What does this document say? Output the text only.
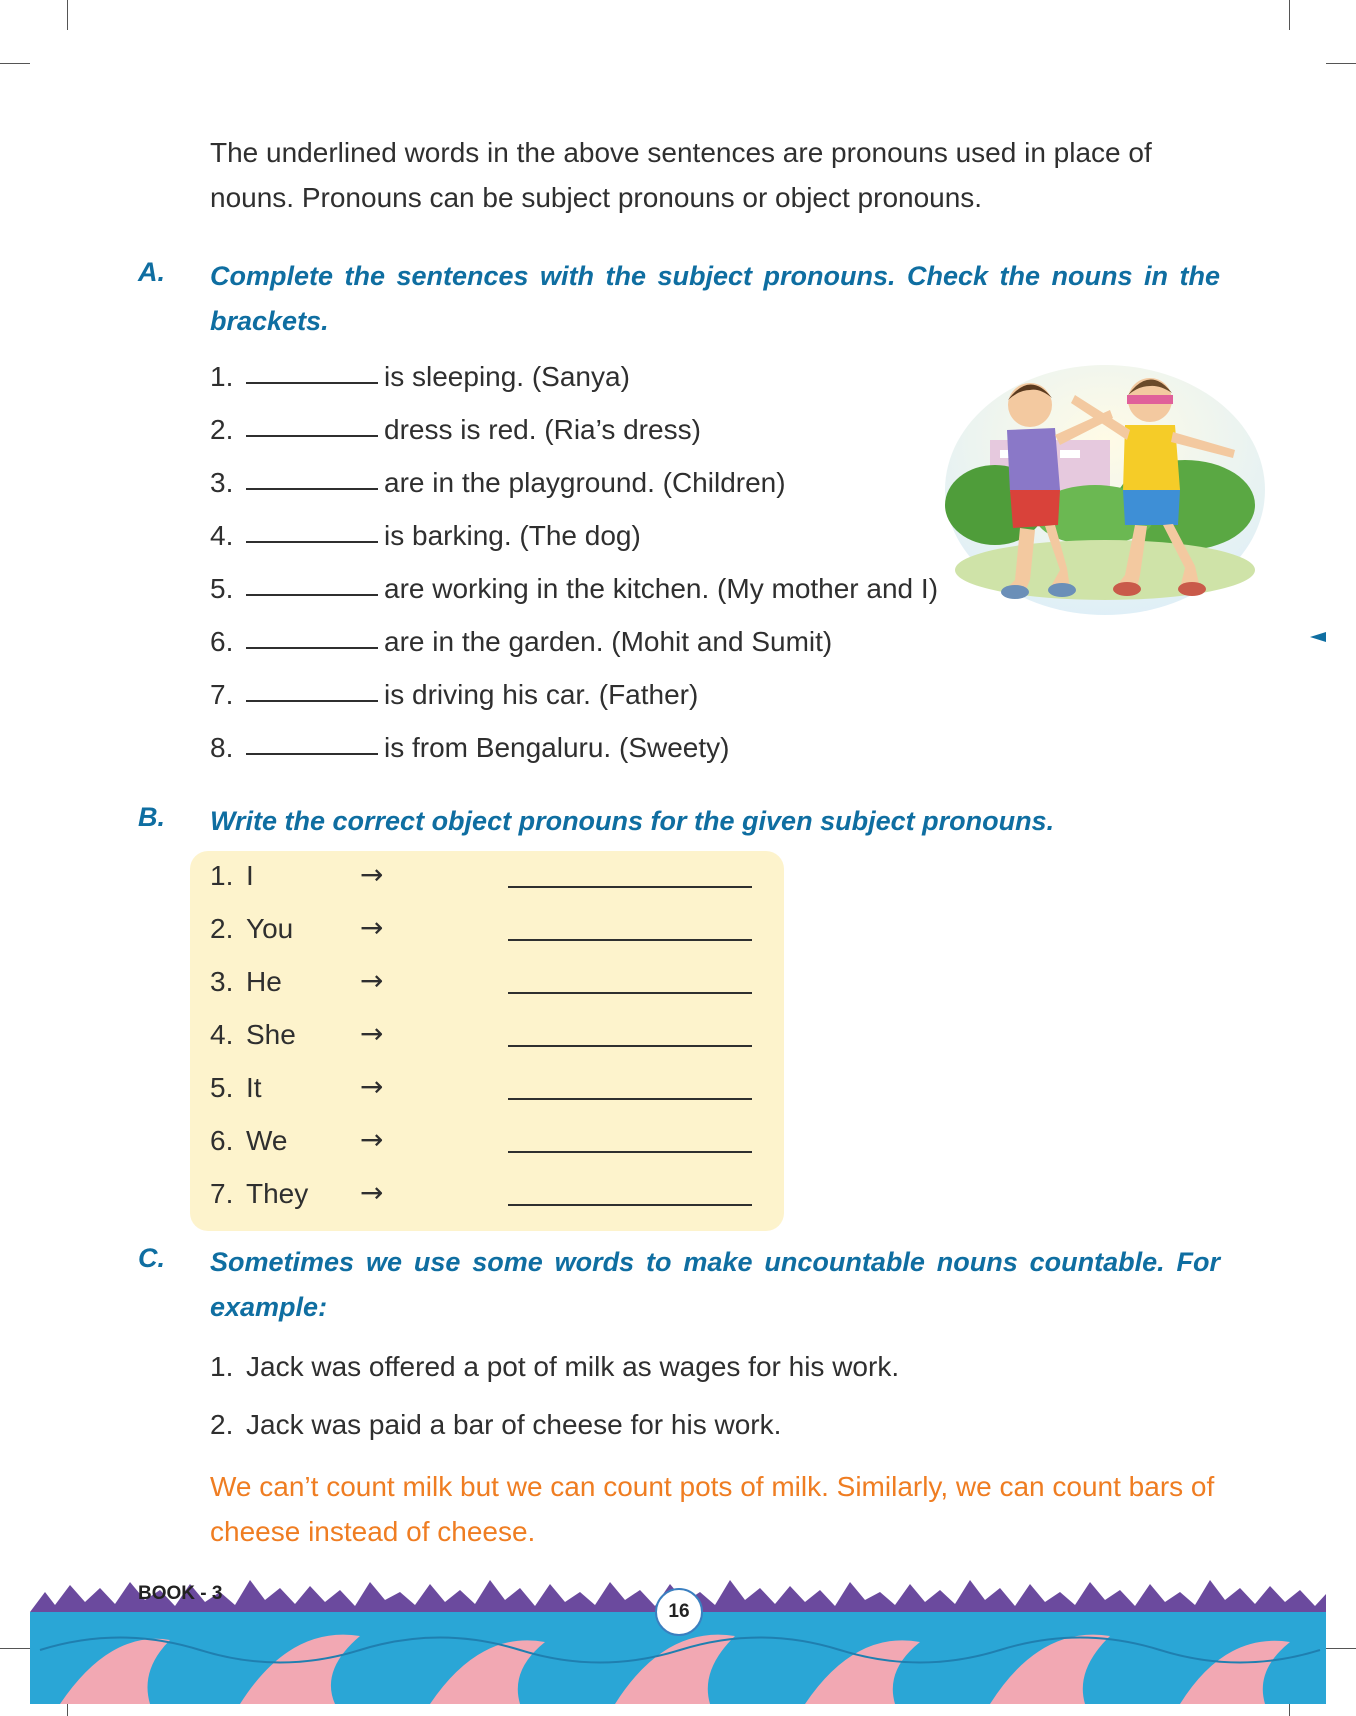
The underlined words in the above sentences are pronouns used in place of
nouns. Pronouns can be subject pronouns or object pronouns.
A. Complete the sentences with the subject pronouns. Check the nouns in the brackets.
1.	is sleeping. (Sanya)
2.	dress is red. (Ria’s dress)
3.	are in the playground. (Children)
4.	is barking. (The dog)
5.	are working in the kitchen. (My mother and I)
6.	are in the garden. (Mohit and Sumit)
7.	is driving his car. (Father)
8.	is from Bengaluru. (Sweety)
B. Write the correct object pronouns for the given subject pronouns.
1. I	→
2. You →
3. He	→
4. She →
5. It	→
6. We	→
7. They →
C. Sometimes we use some words to make uncountable nouns countable. For example:
1. Jack was offered a pot of milk as wages for his work.
2. Jack was paid a bar of cheese for his work.
We can’t count milk but we can count pots of milk. Similarly, we can count bars of cheese instead of cheese.
BOOK - 3
16
